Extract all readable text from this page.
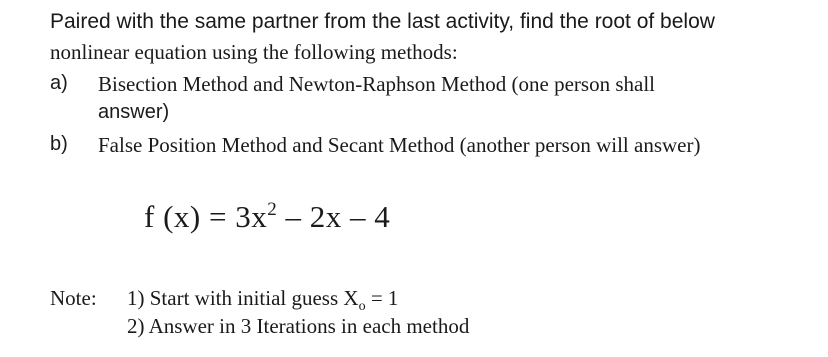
Paired with the same partner from the last activity, find the root of below
nonlinear equation using the following methods:
a) Bisection Method and Newton-Raphson Method (one person shall
answer)
b) False Position Method and Secant Method (another person will answer)
f $(x) = 3x^2 - 2x - 4$
Note: 1) Start with initial guess $X_o = 1$
2) Answer in 3 Iterations in each method
